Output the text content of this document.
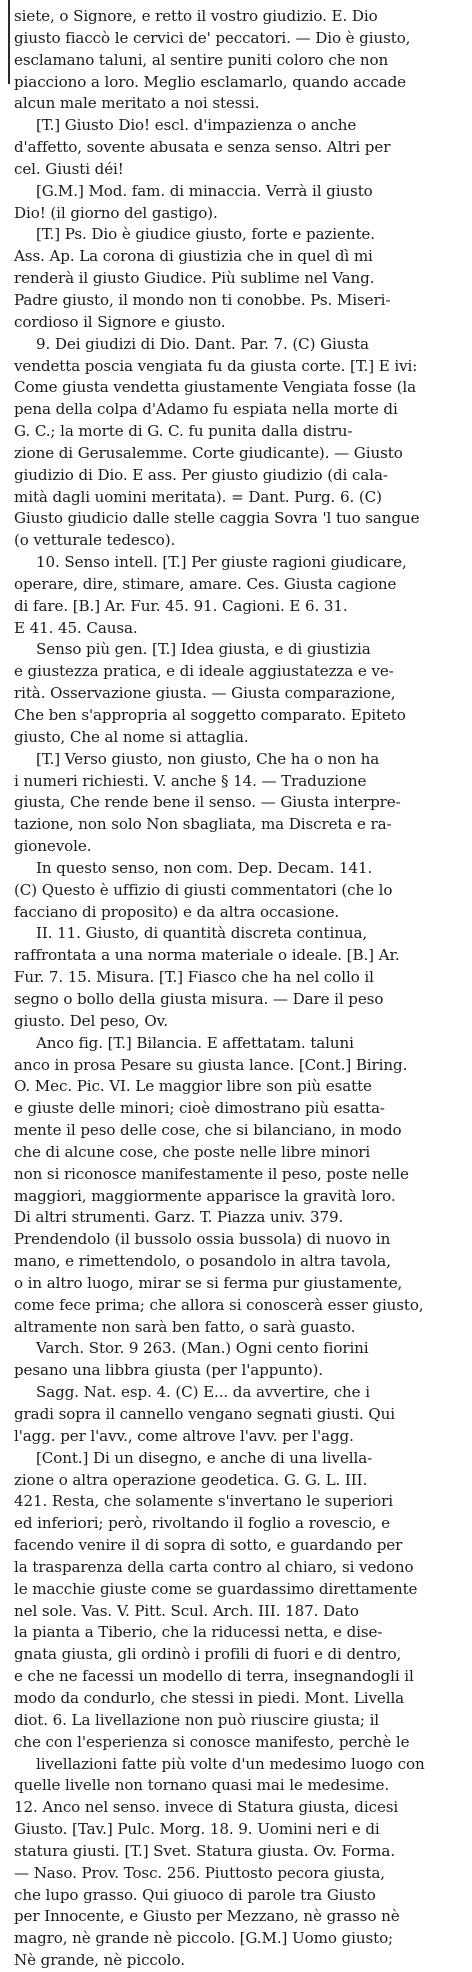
siete, o Signore, e retto il vostro giudizio. E. Dio
giusto fiaccò le cervici de' peccatori. — Dio è giusto,
esclamano taluni, al sentire puniti coloro che non
piacciono a loro. Meglio esclamarlo, quando accade
alcun male meritato a noi stessi.
[T.] Giusto Dio! escl. d'impazienza o anche
d'affetto, sovente abusata e senza senso. Altri per
cel. Giusti déi!
[G.M.] Mod. fam. di minaccia. Verrà il giusto
Dio! (il giorno del gastigo).
[T.] Ps. Dio è giudice giusto, forte e paziente.
Ass. Ap. La corona di giustizia che in quel dì mi
renderà il giusto Giudice. Più sublime nel Vang.
Padre giusto, il mondo non ti conobbe. Ps. Miseri-
cordioso il Signore e giusto.
9. Dei giudizi di Dio. Dant. Par. 7. (C) Giusta
vendetta poscia vengiata fu da giusta corte. [T.] E ivi:
Come giusta vendetta giustamente Vengiata fosse (la
pena della colpa d'Adamo fu espiata nella morte di
G. C.; la morte di G. C. fu punita dalla distru-
zione di Gerusalemme. Corte giudicante). — Giusto
giudizio di Dio. E ass. Per giusto giudizio (di cala-
mità dagli uomini meritata). = Dant. Purg. 6. (C)
Giusto giudicio dalle stelle caggia Sovra 'l tuo sangue
(o vetturale tedesco).
10. Senso intell. [T.] Per giuste ragioni giudicare,
operare, dire, stimare, amare. Ces. Giusta cagione
di fare. [B.] Ar. Fur. 45. 91. Cagioni. E 6. 31.
E 41. 45. Causa.
Senso più gen. [T.] Idea giusta, e di giustizia
e giustezza pratica, e di ideale aggiustatezza e ve-
rità. Osservazione giusta. — Giusta comparazione,
Che ben s'appropria al soggetto comparato. Epiteto
giusto, Che al nome si attaglia.
[T.] Verso giusto, non giusto, Che ha o non ha
i numeri richiesti. V. anche § 14. — Traduzione
giusta, Che rende bene il senso. — Giusta interpre-
tazione, non solo Non sbagliata, ma Discreta e ra-
gionevole.
In questo senso, non com. Dep. Decam. 141.
(C) Questo è uffizio di giusti commentatori (che lo
facciano di proposito) e da altra occasione.
II. 11. Giusto, di quantità discreta continua,
raffrontata a una norma materiale o ideale. [B.] Ar.
Fur. 7. 15. Misura. [T.] Fiasco che ha nel collo il
segno o bollo della giusta misura. — Dare il peso
giusto. Del peso, Ov.
Anco fig. [T.] Bilancia. E affettatam. taluni
anco in prosa Pesare su giusta lance. [Cont.] Biring.
O. Mec. Pic. VI. Le maggior libre son più esatte
e giuste delle minori; cioè dimostrano più esatta-
mente il peso delle cose, che si bilanciano, in modo
che di alcune cose, che poste nelle libre minori
non si riconosce manifestamente il peso, poste nelle
maggiori, maggiormente apparisce la gravità loro.
Di altri strumenti. Garz. T. Piazza univ. 379.
Prendendolo (il bussolo ossia bussola) di nuovo in
mano, e rimettendolo, o posandolo in altra tavola,
o in altro luogo, mirar se si ferma pur giustamente,
come fece prima; che allora si conoscerà esser giusto,
altramente non sarà ben fatto, o sarà guasto.
Varch. Stor. 9 263. (Man.) Ogni cento fiorini
pesano una libbra giusta (per l'appunto).
Sagg. Nat. esp. 4. (C) E... da avvertire, che i
gradi sopra il cannello vengano segnati giusti. Qui
l'agg. per l'avv., come altrove l'avv. per l'agg.
[Cont.] Di un disegno, e anche di una livella-
zione o altra operazione geodetica. G. G. L. III.
421. Resta, che solamente s'invertano le superiori
ed inferiori; però, rivoltando il foglio a rovescio, e
facendo venire il di sopra di sotto, e guardando per
la trasparenza della carta contro al chiaro, si vedono
le macchie giuste come se guardassimo direttamente
nel sole. Vas. V. Pitt. Scul. Arch. III. 187. Dato
la pianta a Tiberio, che la riducessi netta, e dise-
gnata giusta, gli ordinò i profili di fuori e di dentro,
e che ne facessi un modello di terra, insegnandogli il
modo da condurlo, che stessi in piedi. Mont. Livella
diot. 6. La livellazione non può riuscire giusta; il
che con l'esperienza si conosce manifesto, perchè le
livellazioni fatte più volte d'un medesimo luogo con
quelle livelle non tornano quasi mai le medesime.
12. Anco nel senso. invece di Statura giusta, dicesi
Giusto. [Tav.] Pulc. Morg. 18. 9. Uomini neri e di
statura giusti. [T.] Svet. Statura giusta. Ov. Forma.
— Naso. Prov. Tosc. 256. Piuttosto pecora giusta,
che lupo grasso. Qui giuoco di parole tra Giusto
per Innocente, e Giusto per Mezzano, nè grasso nè
magro, nè grande nè piccolo. [G.M.] Uomo giusto;
Nè grande, nè piccolo.
